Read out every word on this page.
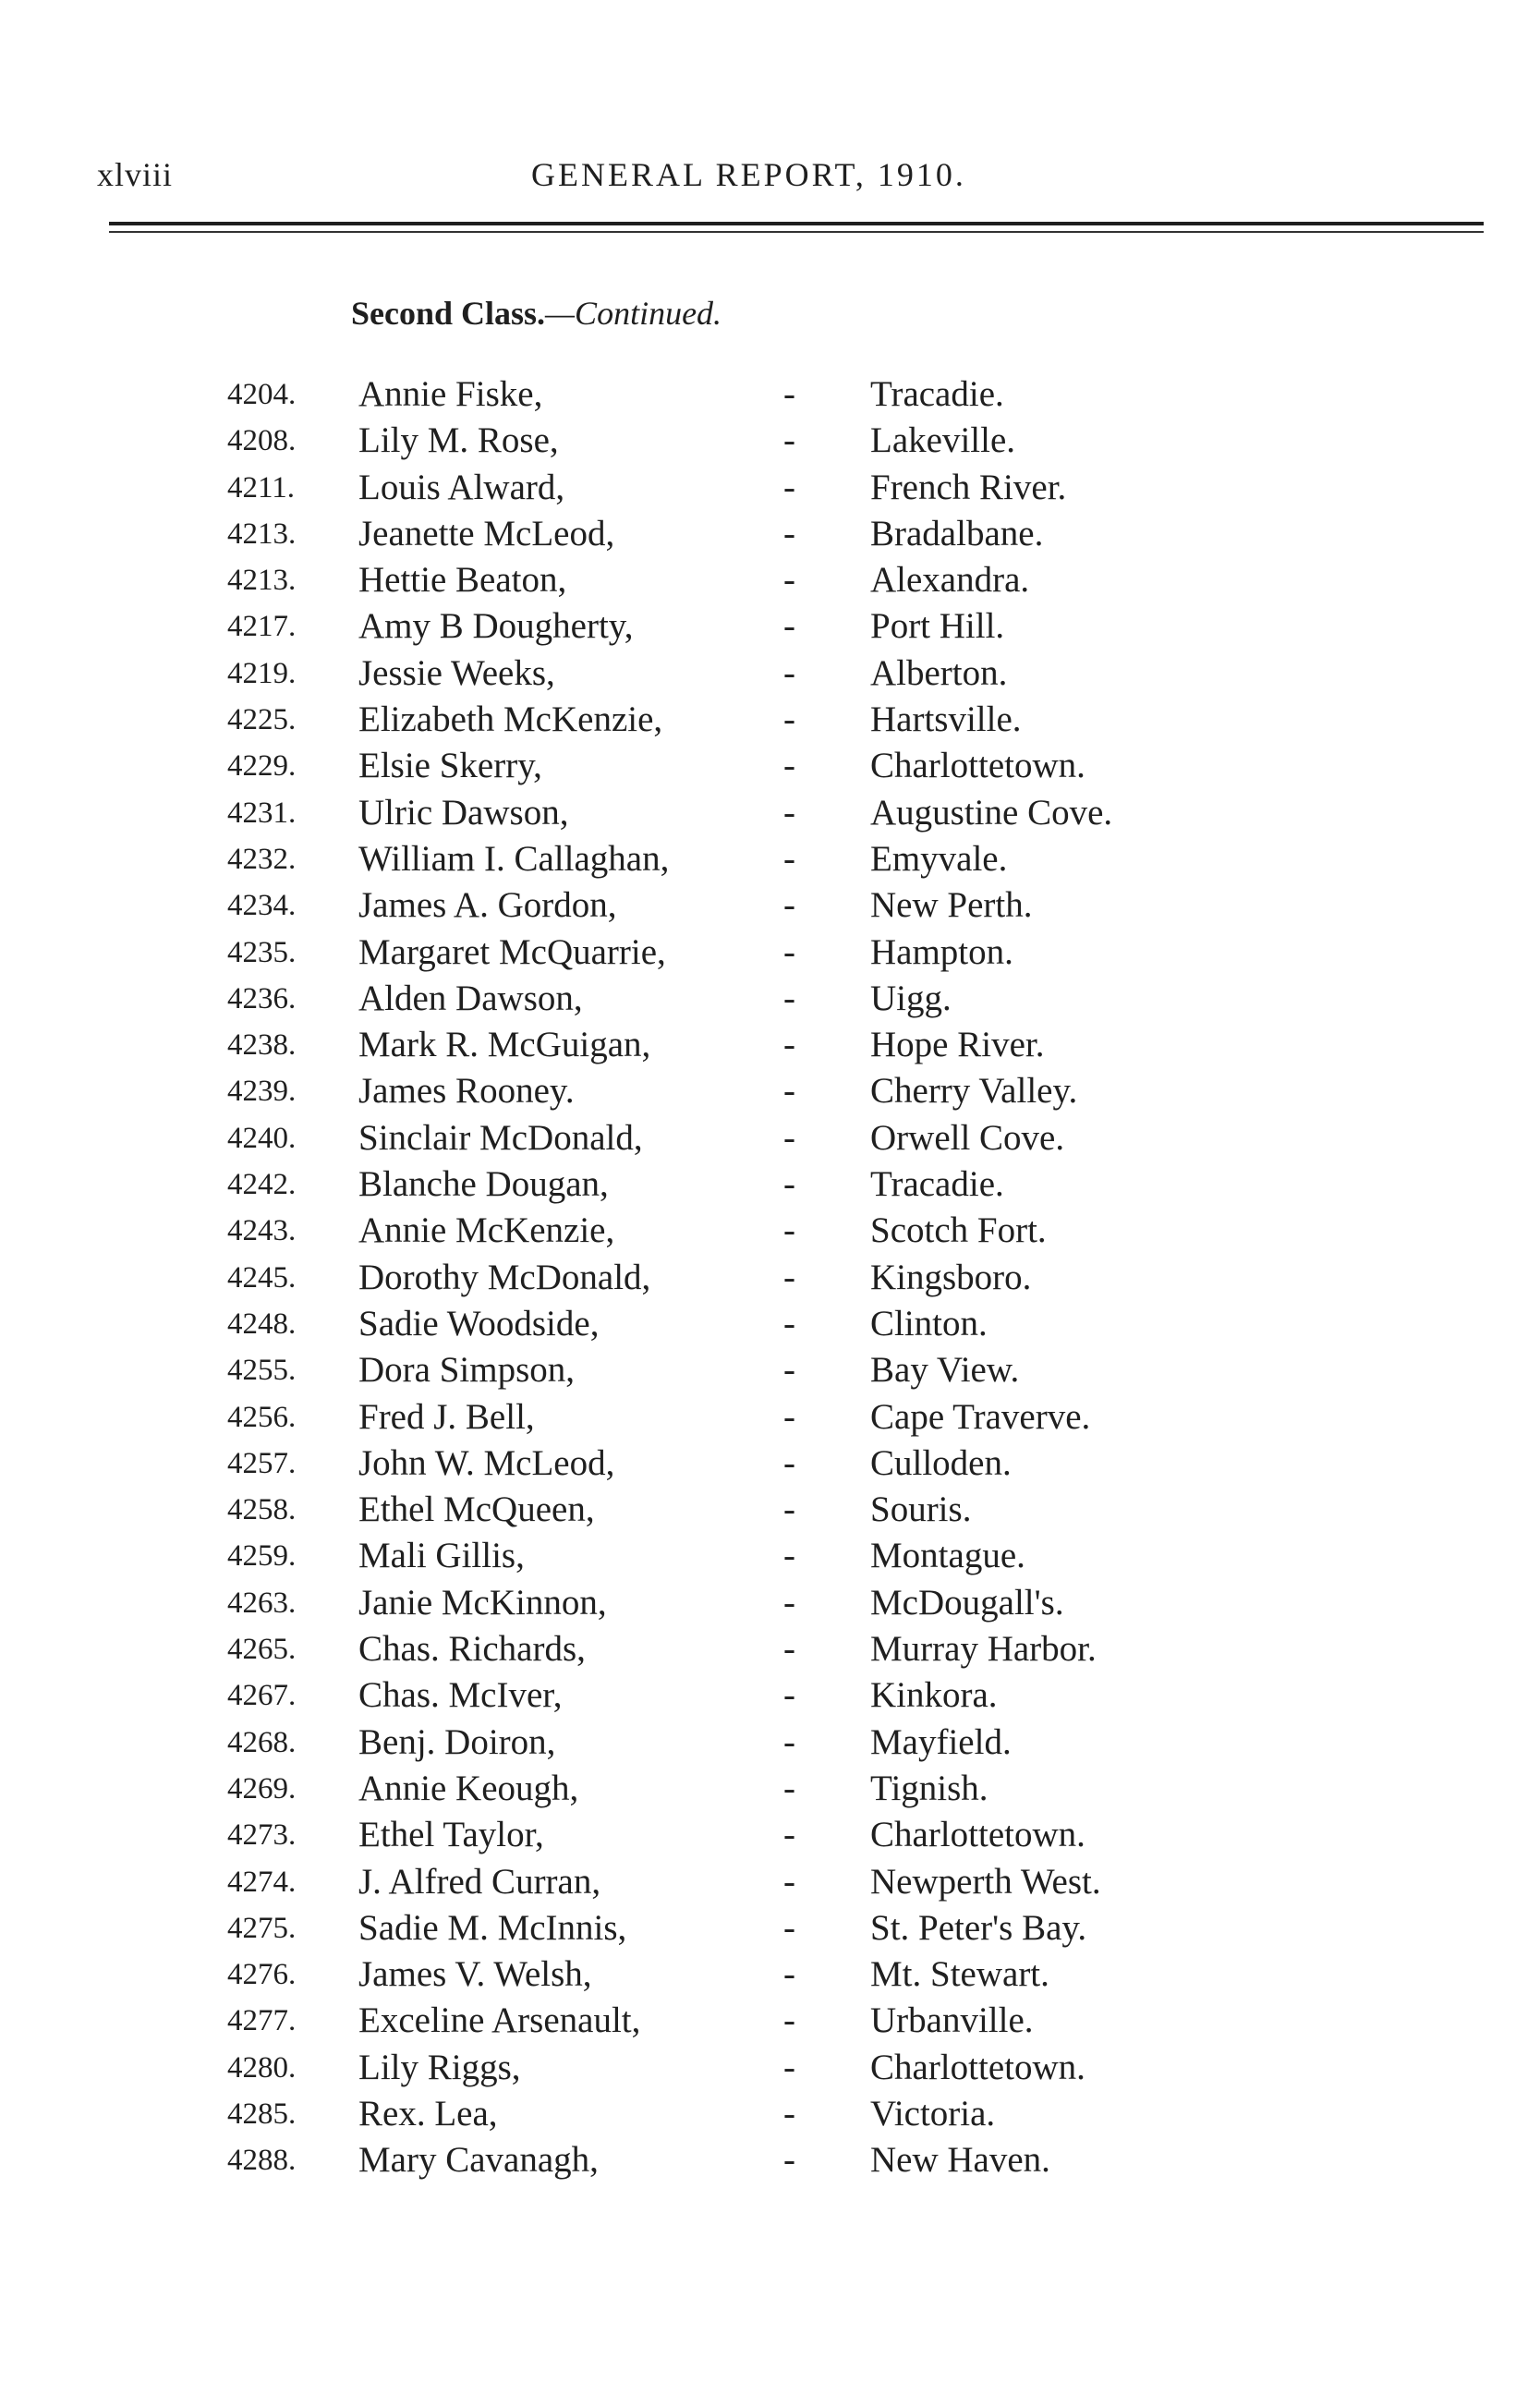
xlviii	GENERAL REPORT, 1910.
Second Class.—Continued.
4204. Annie Fiske,	- Tracadie.
4208. Lily M. Rose,	- Lakeville.
4211. Louis Alward,	- French River.
4213. Jeanette McLeod,	- Bradalbane.
4213. Hettie Beaton,	- Alexandra.
4217. Amy B Dougherty,	- Port Hill.
4219. Jessie Weeks,	- Alberton.
4225. Elizabeth McKenzie,	- Hartsville.
4229. Elsie Skerry,	- Charlottetown.
4231. Ulric Dawson,	- Augustine Cove.
4232. William I. Callaghan,	- Emyvale.
4234. James A. Gordon,	- New Perth.
4235. Margaret McQuarrie,	- Hampton.
4236. Alden Dawson,	- Uigg.
4238. Mark R. McGuigan,	- Hope River.
4239. James Rooney.	- Cherry Valley.
4240. Sinclair McDonald,	- Orwell Cove.
4242. Blanche Dougan,	- Tracadie.
4243. Annie McKenzie,	- Scotch Fort.
4245. Dorothy McDonald,	- Kingsboro.
4248. Sadie Woodside,	- Clinton.
4255. Dora Simpson,	- Bay View.
4256. Fred J. Bell,	- Cape Traverve.
4257. John W. McLeod,	- Culloden.
4258. Ethel McQueen,	- Souris.
4259. Mali Gillis,	- Montague.
4263. Janie McKinnon,	- McDougall's.
4265. Chas. Richards,	- Murray Harbor.
4267. Chas. McIver,	- Kinkora.
4268. Benj. Doiron,	- Mayfield.
4269. Annie Keough,	- Tignish.
4273. Ethel Taylor,	- Charlottetown.
4274. J. Alfred Curran,	- Newperth West.
4275. Sadie M. McInnis,	- St. Peter's Bay.
4276. James V. Welsh,	- Mt. Stewart.
4277. Exceline Arsenault,	- Urbanville.
4280. Lily Riggs,	- Charlottetown.
4285. Rex. Lea,	- Victoria.
4288. Mary Cavanagh,	- New Haven.
